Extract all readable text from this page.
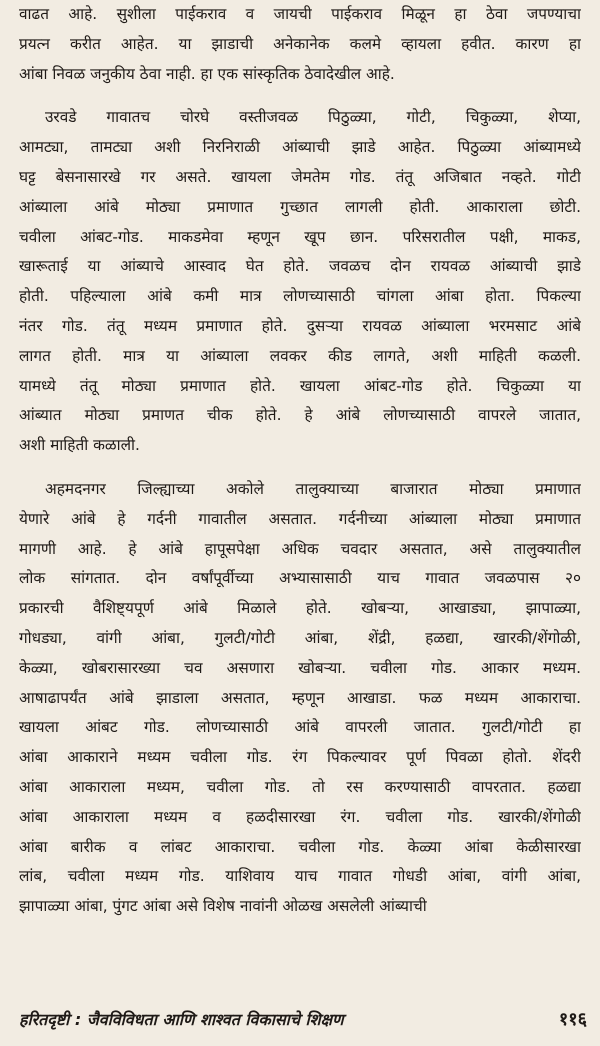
वाढत आहे. सुशीला पाईकराव व जायची पाईकराव मिळून हा ठेवा जपण्याचा
प्रयत्न करीत आहेत. या झाडाची अनेकानेक कलमे व्हायला हवीत. कारण हा
आंबा निवळ जनुकीय ठेवा नाही. हा एक सांस्कृतिक ठेवादेखील आहे.
उरवडे गावातच चोरघे वस्तीजवळ पिठुळ्या, गोटी, चिकुळ्या, शेप्या,
आमट्या, तामट्या अशी निरनिराळी आंब्याची झाडे आहेत. पिठुळ्या आंब्यामध्ये
घट्ट बेसनासारखे गर असते. खायला जेमतेम गोड. तंतू अजिबात नव्हते. गोटी
आंब्याला आंबे मोठ्या प्रमाणात गुच्छात लागली होती. आकाराला छोटी.
चवीला आंबट-गोड. माकडमेवा म्हणून खूप छान. परिसरातील पक्षी, माकड,
खारूताई या आंब्याचे आस्वाद घेत होते. जवळच दोन रायवळ आंब्याची झाडे
होती. पहिल्याला आंबे कमी मात्र लोणच्यासाठी चांगला आंबा होता. पिकल्या
नंतर गोड. तंतू मध्यम प्रमाणात होते. दुसऱ्या रायवळ आंब्याला भरमसाट आंबे
लागत होती. मात्र या आंब्याला लवकर कीड लागते, अशी माहिती कळली.
यामध्ये तंतू मोठ्या प्रमाणात होते. खायला आंबट-गोड होते. चिकुळ्या या
आंब्यात मोठ्या प्रमाणत चीक होते. हे आंबे लोणच्यासाठी वापरले जातात,
अशी माहिती कळाली.
अहमदनगर जिल्ह्याच्या अकोले तालुक्याच्या बाजारात मोठ्या प्रमाणात
येणारे आंबे हे गर्दनी गावातील असतात. गर्दनीच्या आंब्याला मोठ्या प्रमाणात
मागणी आहे. हे आंबे हापूसपेक्षा अधिक चवदार असतात, असे तालुक्यातील
लोक सांगतात. दोन वर्षांपूर्वीच्या अभ्यासासाठी याच गावात जवळपास २०
प्रकारची वैशिष्ट्यपूर्ण आंबे मिळाले होते. खोबऱ्या, आखाड्या, झापाळ्या,
गोधड्या, वांगी आंबा, गुलटी/गोटी आंबा, शेंद्री, हळद्या, खारकी/शेंगोळी,
केळ्या, खोबरासारख्या चव असणारा खोबऱ्या. चवीला गोड. आकार मध्यम.
आषाढापर्यंत आंबे झाडाला असतात, म्हणून आखाडा. फळ मध्यम आकाराचा.
खायला आंबट गोड. लोणच्यासाठी आंबे वापरली जातात. गुलटी/गोटी हा
आंबा आकाराने मध्यम चवीला गोड. रंग पिकल्यावर पूर्ण पिवळा होतो. शेंदरी
आंबा आकाराला मध्यम, चवीला गोड. तो रस करण्यासाठी वापरतात. हळद्या
आंबा आकाराला मध्यम व हळदीसारखा रंग. चवीला गोड. खारकी/शेंगोळी
आंबा बारीक व लांबट आकाराचा. चवीला गोड. केळ्या आंबा केळीसारखा
लांब, चवीला मध्यम गोड. याशिवाय याच गावात गोधडी आंबा, वांगी आंबा,
झापाळ्या आंबा, पुंगट आंबा असे विशेष नावांनी ओळख असलेली आंब्याची
हरितदृष्टी : जैवविविधता आणि शाश्वत विकासाचे शिक्षण	११६
